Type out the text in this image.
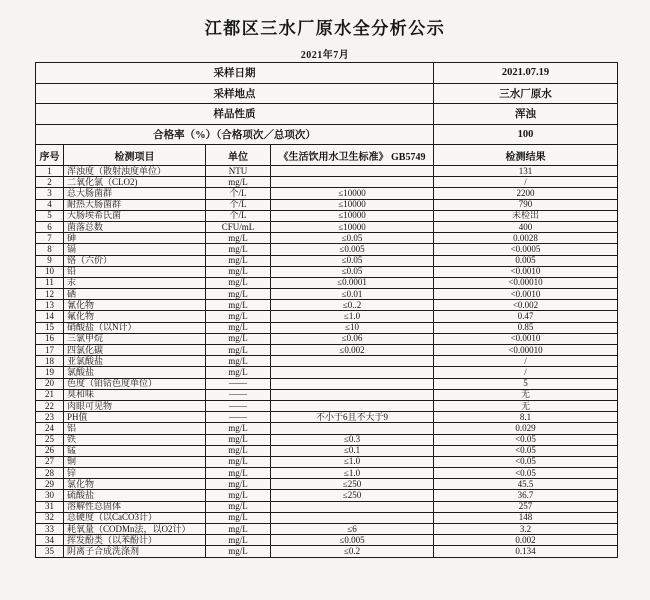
江都区三水厂原水全分析公示
2021年7月
采样日期				2021.07.19
采样地点				三水厂原水
样品性质				浑浊
合格率（%）（合格项次／总项次）				100
序号	检测项目	单位	《生活饮用水卫生标准》 GB5749	检测结果
1	浑浊度（散射浊度单位）	NTU		131
2	二氧化氯（CLO2)	mg/L		/
3	总大肠菌群	个/L	≤10000	2200
4	耐热大肠菌群	个/L	≤10000	790
5	大肠埃希氏菌	个/L	≤10000	未检出
6	菌落总数	CFU/mL	≤10000	400
7	砷	mg/L	≤0.05	0.0028
8	镉	mg/L	≤0.005	<0.0005
9	铬（六价）	mg/L	≤0.05	0.005
10	铅	mg/L	≤0.05	<0.0010
11	汞	mg/L	≤0.0001	<0.00010
12	硒	mg/L	≤0.01	<0.0010
13	氰化物	mg/L	≤0..2	<0.002
14	氟化物	mg/L	≤1.0	0.47
15	硝酸盐（以N计）	mg/L	≤10	0.85
16	三氯甲烷	mg/L	≤0.06	<0.0010
17	四氯化碳	mg/L	≤0.002	<0.00010
18	亚氯酸盐	mg/L		/
19	氯酸盐	mg/L		/
20	色度（铂钴色度单位）	——		5
21	臭和味	——		无
22	肉眼可见物	——		无
23	PH值	——	不小于6且不大于9	8.1
24	铝	mg/L		0.029
25	铁	mg/L	≤0.3	<0.05
26	锰	mg/L	≤0.1	<0.05
27	铜	mg/L	≤1.0	<0.05
28	锌	mg/L	≤1.0	<0.05
29	氯化物	mg/L	≤250	45.5
30	硫酸盐	mg/L	≤250	36.7
31	溶解性总固体	mg/L		257
32	总硬度（以CaCO3计）	mg/L		148
33	耗氧量（CODMn法，以O2计）	mg/L	≤6	3.2
34	挥发酚类（以苯酚计）	mg/L	≤0.005	0.002
35	阴离子合成洗涤剂	mg/L	≤0.2	0.134
